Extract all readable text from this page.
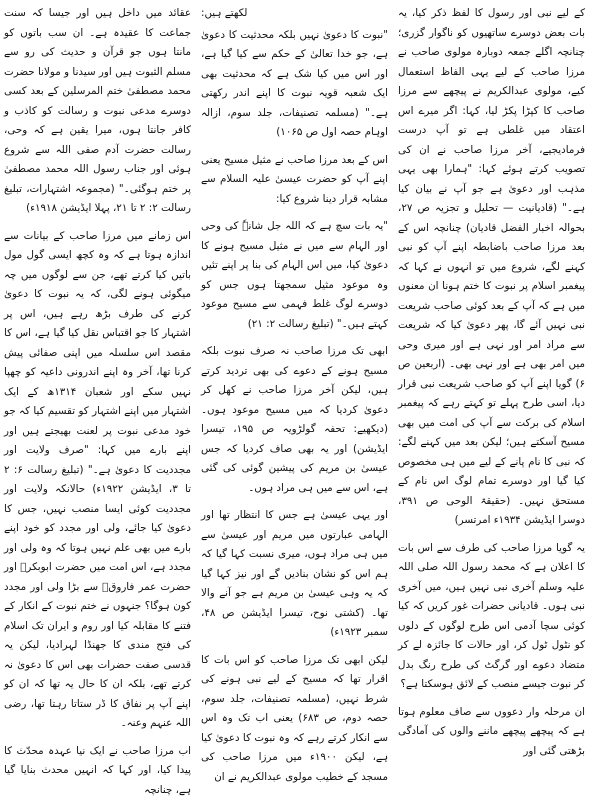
عقائد میں داخل ہیں اور جیسا کہ سنت جماعت کا عقیدہ ہے۔ ان سب باتوں کو مانتا ہوں جو قرآن و حدیث کی رو سے مسلم الثبوت ہیں اور سیدنا و مولانا حضرت محمد مصطفیٰ ختم المرسلین کے بعد کسی دوسرے مدعی نبوت و رسالت کو کاذب و کافر جانتا ہوں، میرا یقین ہے کہ وحی، رسالت حضرت آدم صفی اللہ سے شروع ہوئی اور جناب رسول اللہ محمد مصطفیٰ پر ختم ہوگئی۔" (مجموعہ اشتہارات، تبلیغ رسالت ۲: ۲ تا ۲۱، پہلا ایڈیشن ۱۹۱۸ء)

اس زمانے میں مرزا صاحب کے بیانات سے اندازہ ہوتا ہے کہ وہ کچھ ایسی گول مول باتیں کیا کرتے تھے، جن سے لوگوں میں چہ میگوئی ہونے لگی، کہ یہ نبوت کا دعویٰ کرنے کی طرف بڑھ رہے ہیں، اس پر اشتہار کا جو اقتباس نقل کیا گیا ہے، اس کا مقصد اس سلسلہ میں اپنی صفائی پیش کرنا تھا، آخر وہ اپنے اندرونی داعیہ کو چھپا نہیں سکے اور شعبان ۱۳۱۴ھ کے ایک اشتہار میں اپنے اشتہار کو تقسیم کیا کہ جو خود مدعی نبوت پر لعنت بھیجتے ہیں اور اپنے بارے میں کہا: "صرف ولایت اور مجددیت کا دعویٰ ہے۔" (تبلیغ رسالت ۶: ۲ تا ۳، ایڈیشن ۱۹۲۲ء) حالانکہ ولایت اور مجددیت کوئی ایسا منصب نہیں، جس کا دعویٰ کیا جائے، ولی اور مجدد کو خود اپنے بارے میں بھی علم نہیں ہوتا کہ وہ ولی اور مجدد ہے، اس امت میں حضرت ابوبکرؓ اور حضرت عمر فاروقؓ سے بڑا ولی اور مجدد کون ہوگا؟ جنہوں نے ختم نبوت کے انکار کے فتنے کا مقابلہ کیا اور روم و ایران تک اسلام کی فتح مندی کا جھنڈا لہرادیا، لیکن یہ قدسی صفت حضرات بھی اس کا دعویٰ نہ کرتے تھے، بلکہ ان کا حال یہ تھا کہ ان کو اپنے آپ پر نفاق کا ڈر ستاتا رہتا تھا، رضی اللہ عنہم وعنہ۔

اب مرزا صاحب نے ایک نیا عہدہ محدّث کا پیدا کیا، اور کہا کہ انہیں محدث بنایا گیا ہے، چنانچہ

لکھتے ہیں:

"نبوت کا دعویٰ نہیں بلکہ محدثیت کا دعویٰ ہے، جو خدا تعالیٰ کے حکم سے کیا گیا ہے، اور اس میں کیا شک ہے کہ محدثیت بھی ایک شعبہ قویہ نبوت کا اپنے اندر رکھتی ہے۔" (مسلمہ تصنیفات، جلد سوم، ازالہ اوہام حصہ اول ص ۱۰۶۵)

اس کے بعد مرزا صاحب نے مثیل مسیح یعنی اپنے آپ کو حضرت عیسیٰ علیہ السلام سے مشابہ قرار دینا شروع کیا:

"یہ بات سچ ہے کہ اللہ جل شانہٗ کی وحی اور الہام سے میں نے مثیل مسیح ہونے کا دعویٰ کیا، میں اس الہام کی بنا پر اپنے تئیں وہ موعود مثیل سمجھتا ہوں جس کو دوسرے لوگ غلط فہمی سے مسیح موعود کہتے ہیں۔" (تبلیغ رسالت ۲: ۲۱)

ابھی تک مرزا صاحب نہ صرف نبوت بلکہ مسیح ہونے کے دعوے کی بھی تردید کرتے ہیں، لیکن آخر مرزا صاحب نے کھل کر دعویٰ کردیا کہ میں مسیح موعود ہوں۔ (دیکھیے: تحفہ گولڑویہ ص ۱۹۵، تیسرا ایڈیشن) اور یہ بھی صاف کردیا کہ جس عیسیٰ بن مریم کی پیشین گوئی کی گئی ہے، اس سے میں ہی مراد ہوں۔

اور یہی عیسیٰ ہے جس کا انتظار تھا اور الہامی عبارتوں میں مریم اور عیسیٰ سے میں ہی مراد ہوں، میری نسبت کہا گیا کہ ہم اس کو نشان بنادیں گے اور نیز کہا گیا کہ یہ وہی عیسیٰ بن مریم ہے جو آنے والا تھا۔ (کشتی نوح، تیسرا ایڈیشن ص ۴۸، سمبر ۱۹۲۳ء)

لیکن ابھی تک مرزا صاحب کو اس بات کا اقرار تھا کہ مسیح کے لیے نبی ہونے کی شرط نہیں، (مسلمہ تصنیفات، جلد سوم، حصہ دوم، ص ۶۸۳) یعنی اب تک وہ اس سے انکار کرتے رہے کہ وہ نبوت کا دعویٰ کیا ہے، لیکن ۱۹۰۰ء میں مرزا صاحب کی مسجد کے خطیب مولوی عبدالکریم نے ان

کے لیے نبی اور رسول کا لفظ ذکر کیا، یہ بات بعض دوسرے ساتھیوں کو ناگوار گزری؛ چنانچہ اگلے جمعہ دوبارہ مولوی صاحب نے مرزا صاحب کے لیے یہی الفاظ استعمال کیے، مولوی عبدالکریم نے پیچھے سے مرزا صاحب کا کپڑا پکڑ لیا، کہا: اگر میرے اس اعتقاد میں غلطی ہے تو آپ درست فرمادیجیے، آخر مرزا صاحب نے ان کی تصویب کرتے ہوئے کہا: "ہمارا بھی یہی مذہب اور دعویٰ ہے جو آپ نے بیان کیا ہے۔" (قادیانیت — تحلیل و تجزیہ ص ۲۷، بحوالہ اخبار الفضل قادیان) چنانچہ اس کے بعد مرزا صاحب باضابطہ اپنے آپ کو نبی کہنے لگے، شروع میں تو انہوں نے کہا کہ پیغمبر اسلام پر نبوت کا ختم ہونا ان معنوں میں ہے کہ آپ کے بعد کوئی صاحب شریعت نبی نہیں آئے گا، پھر دعویٰ کیا کہ شریعت سے مراد امر اور نہی ہے اور میری وحی میں امر بھی ہے اور نہی بھی۔ (اربعین ص ۶) گویا اپنے آپ کو صاحب شریعت نبی قرار دیا، اسی طرح پہلے تو کہتے رہے کہ پیغمبر اسلام کی برکت سے آپ کی امت میں بھی مسیح آسکتے ہیں؛ لیکن بعد میں کہنے لگے: کہ نبی کا نام پانے کے لیے میں ہی مخصوص کیا گیا اور دوسرے تمام لوگ اس نام کے مستحق نہیں۔ (حقیقۃ الوحی ص ۳۹۱، دوسرا ایڈیشن ۱۹۳۴ء امرتسر)

یہ گویا مرزا صاحب کی طرف سے اس بات کا اعلان ہے کہ محمد رسول اللہ صلی اللہ علیہ وسلم آخری نبی نہیں ہیں، میں آخری نبی ہوں۔ قادیانی حضرات غور کریں کہ کیا کوئی سچا آدمی اس طرح لوگوں کے دلوں کو نٹول ٹول کر، اور حالات کا جائزہ لے کر متضاد دعوے اور گرگٹ کی طرح رنگ بدل کر نبوت جیسے منصب کے لائق ہوسکتا ہے؟

ان مرحلہ وار دعووں سے صاف معلوم ہوتا ہے کہ پیچھے پیچھے ماننے والوں کی آمادگی بڑھتی گئی اور
